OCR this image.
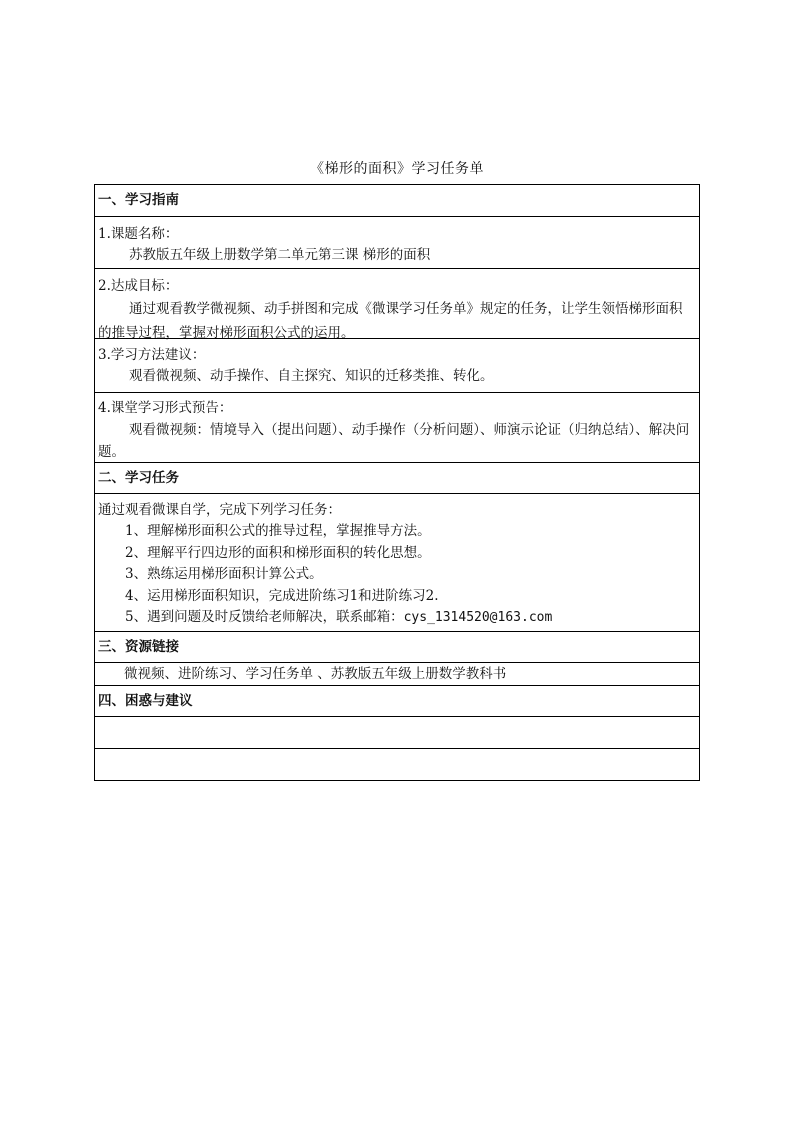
《梯形的面积》学习任务单
一、学习指南
1.课题名称：
苏教版五年级上册数学第二单元第三课 梯形的面积
2.达成目标：
通过观看教学微视频、动手拼图和完成《微课学习任务单》规定的任务，让学生领悟梯形面积的推导过程，掌握对梯形面积公式的运用。
3.学习方法建议：
观看微视频、动手操作、自主探究、知识的迁移类推、转化。
4.课堂学习形式预告：
观看微视频：情境导入（提出问题）、动手操作（分析问题）、师演示论证（归纳总结）、解决问题。
二、学习任务
通过观看微课自学，完成下列学习任务：
1、理解梯形面积公式的推导过程，掌握推导方法。
2、理解平行四边形的面积和梯形面积的转化思想。
3、熟练运用梯形面积计算公式。
4、运用梯形面积知识，完成进阶练习1和进阶练习2.
5、遇到问题及时反馈给老师解决，联系邮箱：cys_1314520@163.com
三、资源链接
微视频、进阶练习、学习任务单 、苏教版五年级上册数学教科书
四、困惑与建议
